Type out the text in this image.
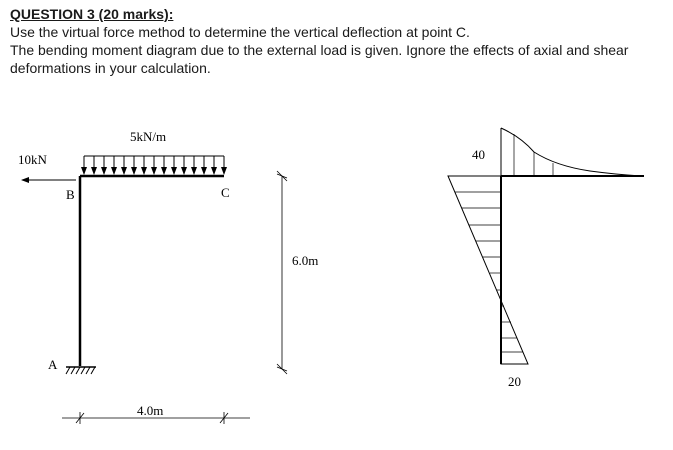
QUESTION 3 (20 marks):
Use the virtual force method to determine the vertical deflection at point C.
The bending moment diagram due to the external load is given. Ignore the effects of axial and shear
deformations in your calculation.
5kN/m
10kN
B	C
A
6.0m
4.0m
40
20
